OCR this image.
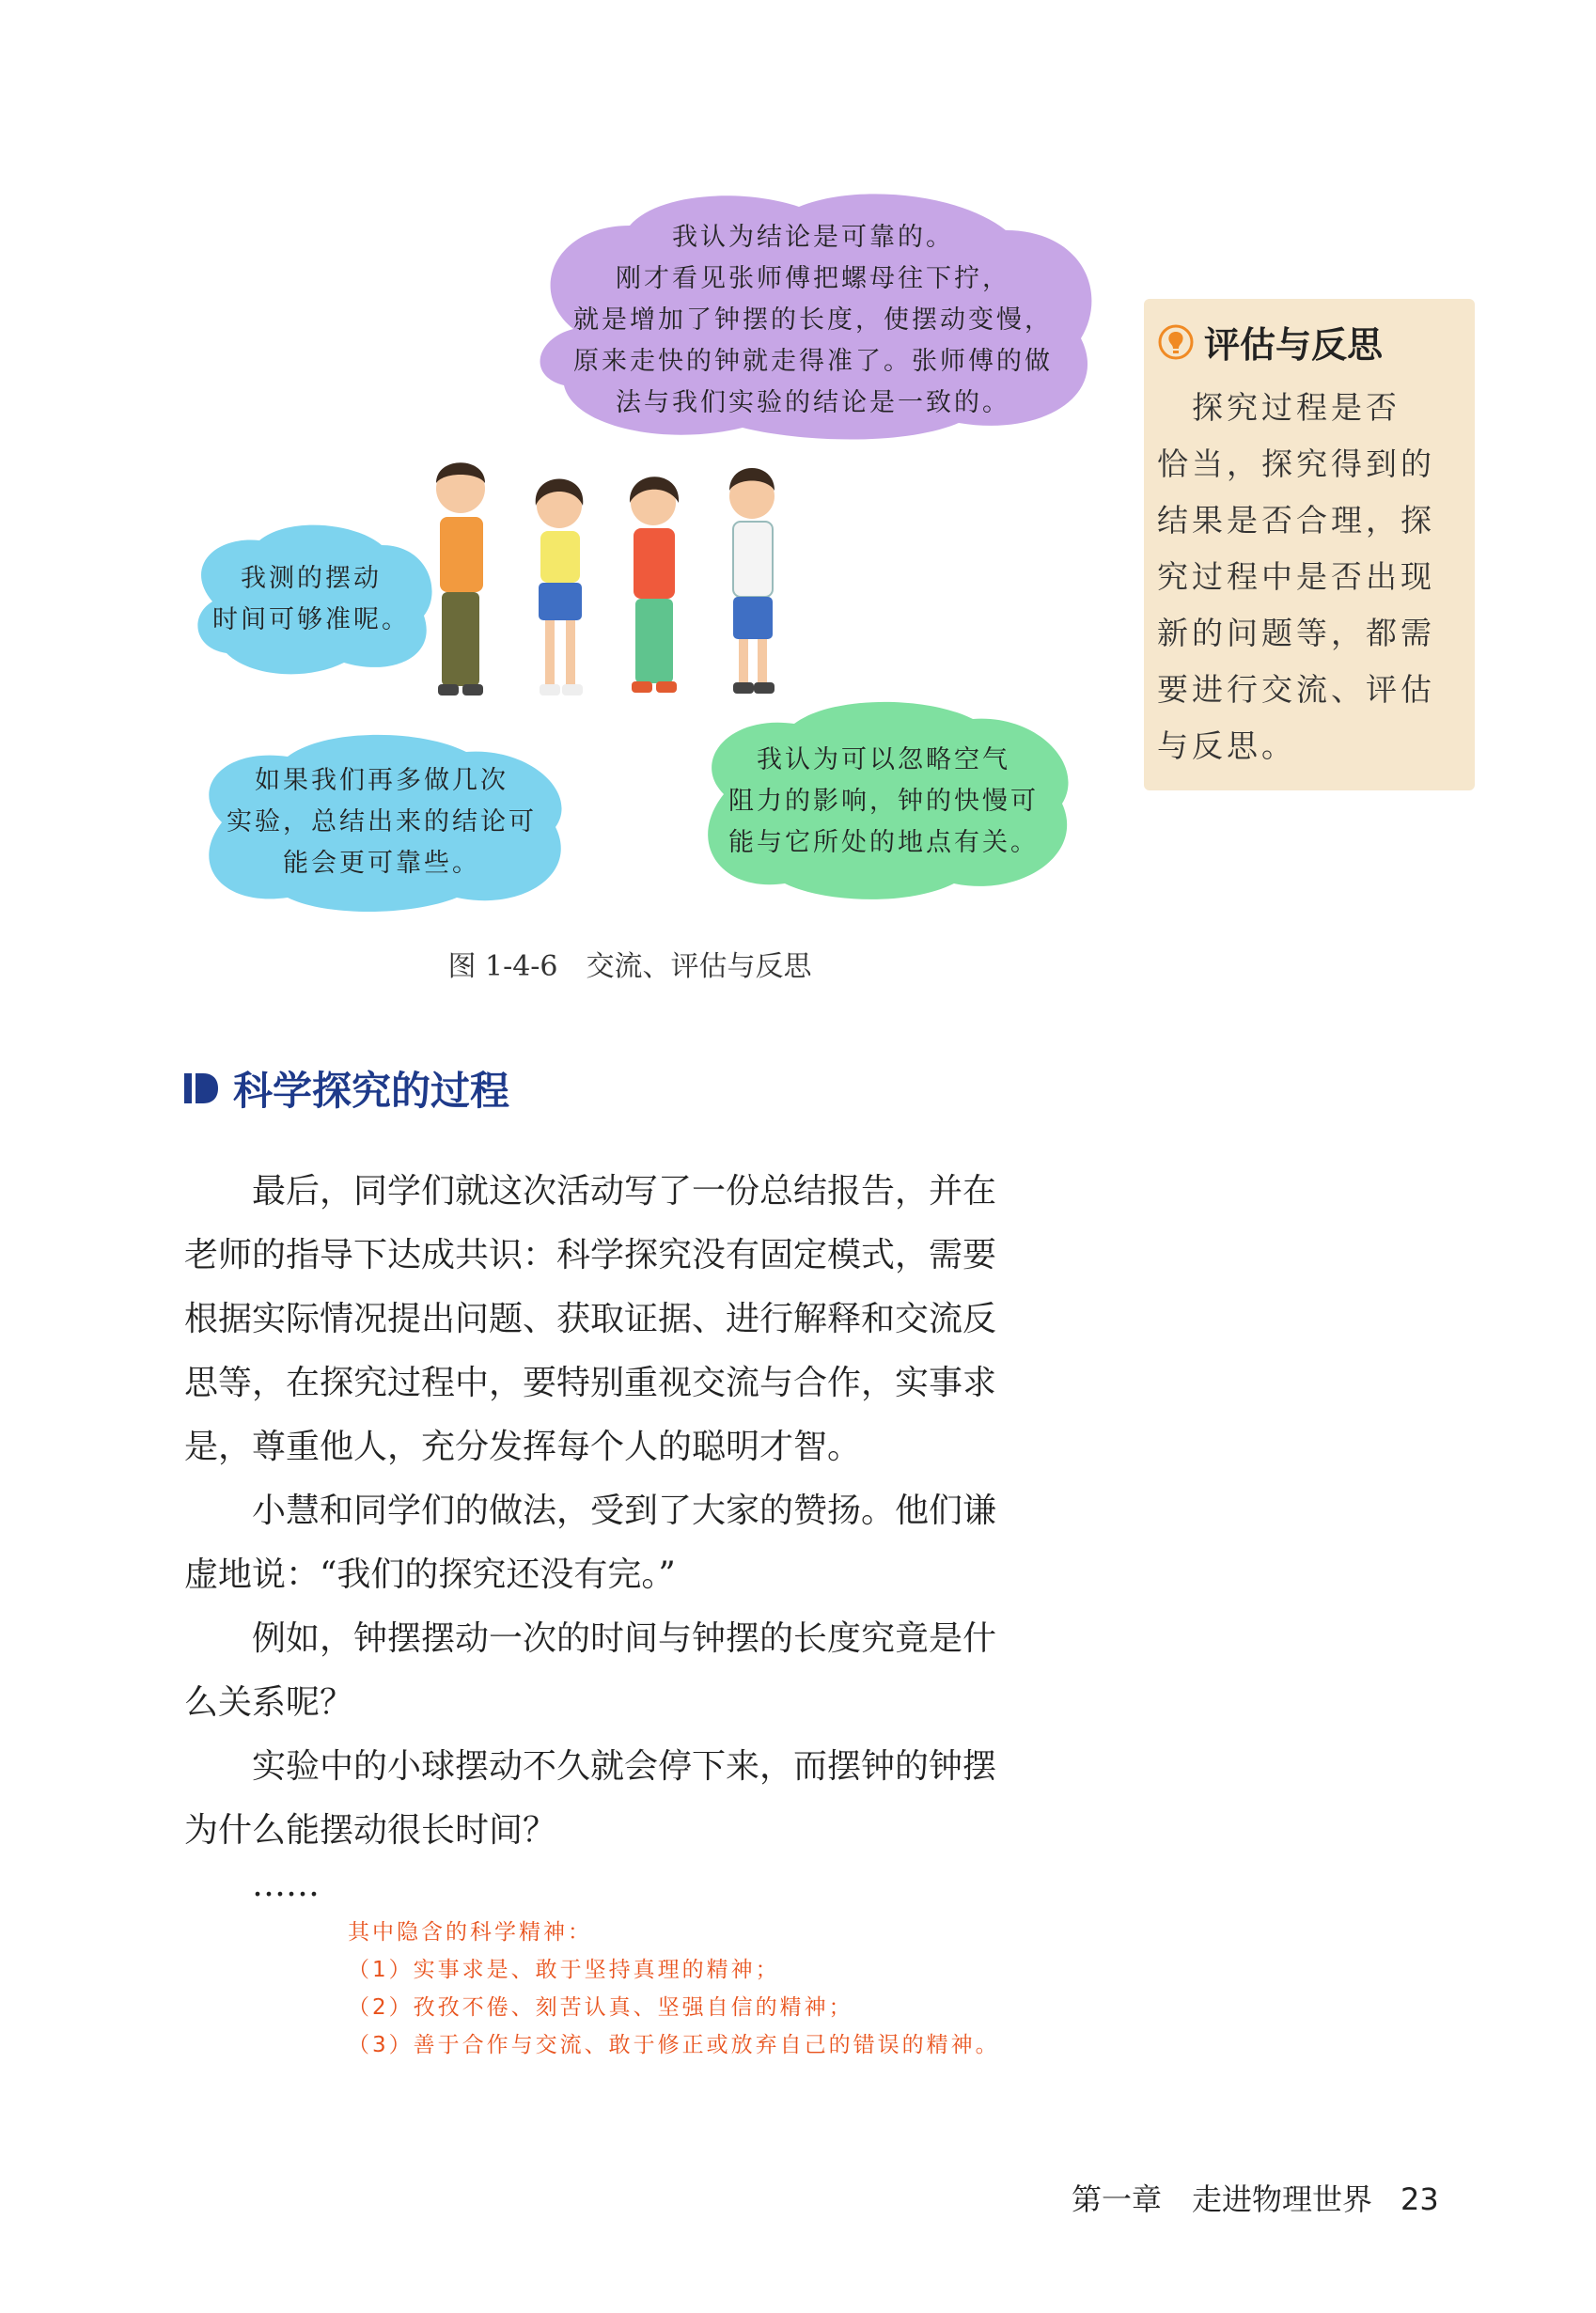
我认为结论是可靠的。
刚才看见张师傅把螺母往下拧，
就是增加了钟摆的长度，使摆动变慢，
原来走快的钟就走得准了。张师傅的做
法与我们实验的结论是一致的。
我测的摆动
时间可够准呢。
如果我们再多做几次
实验，总结出来的结论可
能会更可靠些。
我认为可以忽略空气
阻力的影响，钟的快慢可
能与它所处的地点有关。
评估与反思
　探究过程是否
恰当，探究得到的
结果是否合理，探
究过程中是否出现
新的问题等，都需
要进行交流、评估
与反思。
图 1-4-6　交流、评估与反思
科学探究的过程
　　最后，同学们就这次活动写了一份总结报告，并在
老师的指导下达成共识：科学探究没有固定模式，需要
根据实际情况提出问题、获取证据、进行解释和交流反
思等，在探究过程中，要特别重视交流与合作，实事求
是，尊重他人，充分发挥每个人的聪明才智。
　　小慧和同学们的做法，受到了大家的赞扬。他们谦
虚地说：“我们的探究还没有完。”
　　例如，钟摆摆动一次的时间与钟摆的长度究竟是什
么关系呢？
　　实验中的小球摆动不久就会停下来，而摆钟的钟摆
为什么能摆动很长时间？
　　……
其中隐含的科学精神：
（1）实事求是、敢于坚持真理的精神；
（2）孜孜不倦、刻苦认真、坚强自信的精神；
（3）善于合作与交流、敢于修正或放弃自己的错误的精神。
第一章　走进物理世界 23
